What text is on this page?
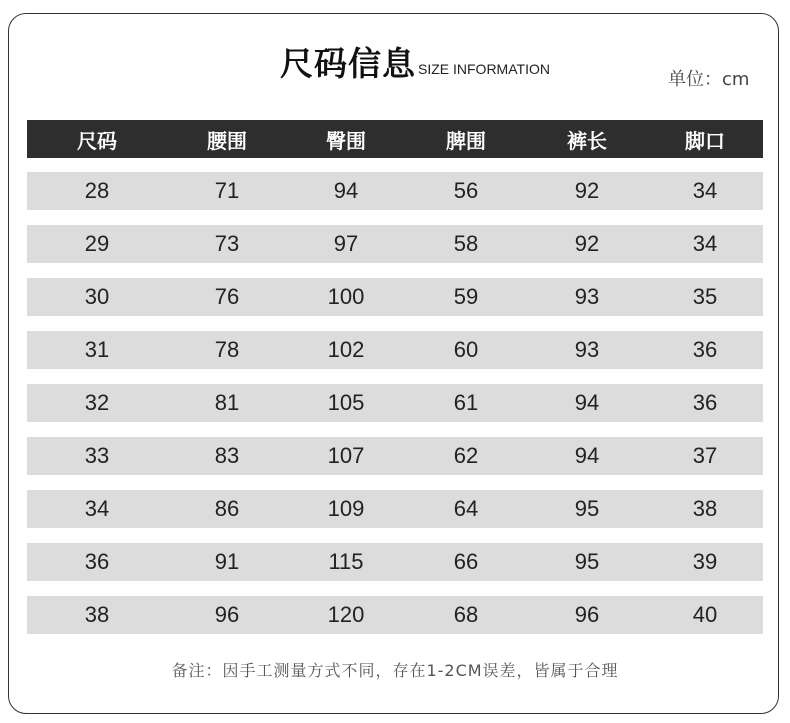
尺码信息 SIZE INFORMATION	单位：cm
尺码	腰围	臀围	脾围	裤长	脚口
28	71	94	56	92	34
29	73	97	58	92	34
30	76	100	59	93	35
31	78	102	60	93	36
32	81	105	61	94	36
33	83	107	62	94	37
34	86	109	64	95	38
36	91	115	66	95	39
38	96	120	68	96	40
备注：因手工测量方式不同，存在1-2CM误差，皆属于合理
